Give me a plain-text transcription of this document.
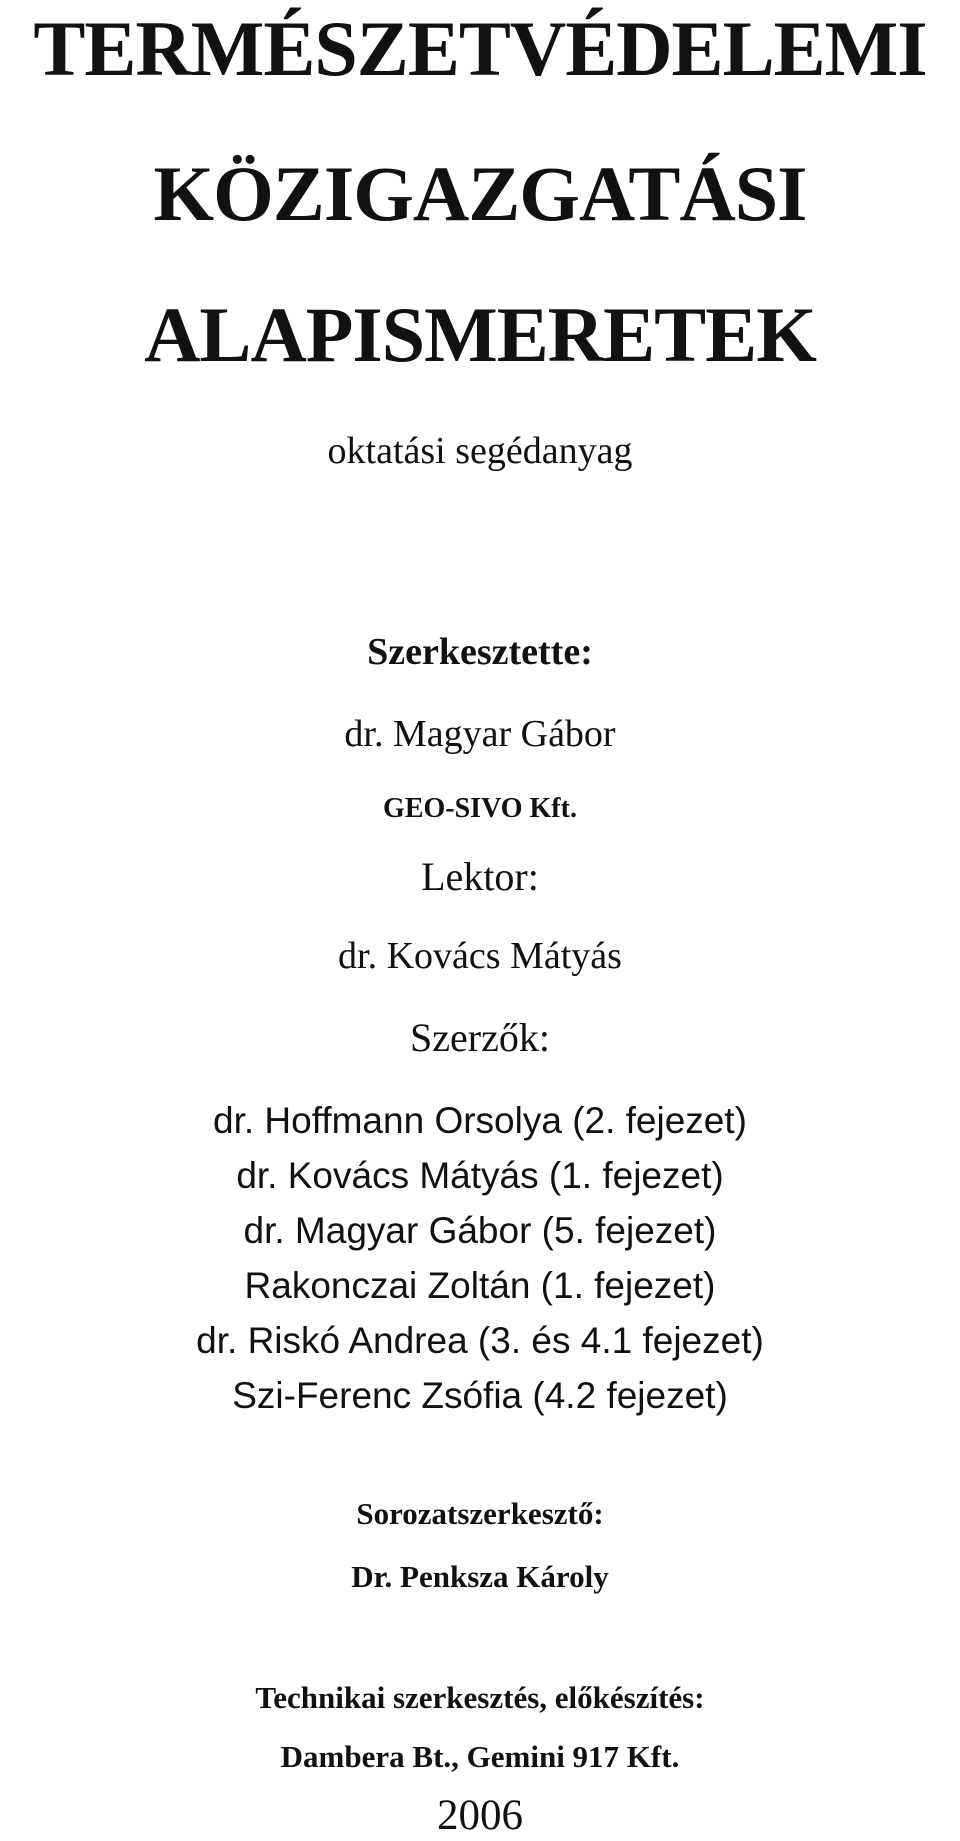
TERMÉSZETVÉDELEMI
KÖZIGAZGATÁSI
ALAPISMERETEK
oktatási segédanyag
Szerkesztette:
dr. Magyar Gábor
GEO-SIVO Kft.
Lektor:
dr. Kovács Mátyás
Szerzők:
dr. Hoffmann Orsolya (2. fejezet)
dr. Kovács Mátyás (1. fejezet)
dr. Magyar Gábor (5. fejezet)
Rakonczai Zoltán (1. fejezet)
dr. Riskó Andrea (3. és 4.1 fejezet)
Szi-Ferenc Zsófia (4.2 fejezet)
Sorozatszerkesztő:
Dr. Penksza Károly
Technikai szerkesztés, előkészítés:
Dambera Bt., Gemini 917 Kft.
2006
